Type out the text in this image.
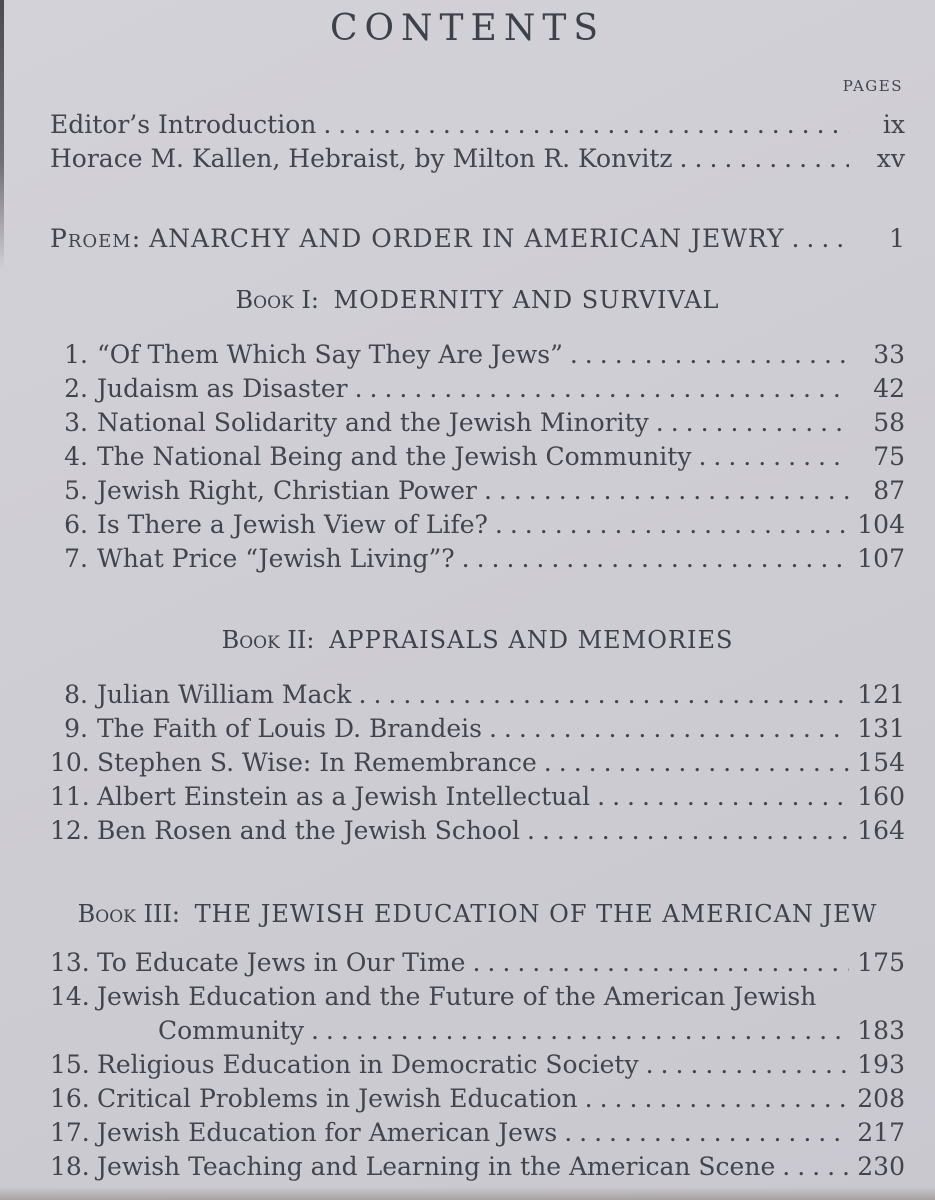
CONTENTS
PAGES
Editor’s Introduction .....	ix
Horace M. Kallen, Hebraist, by Milton R. Konvitz .....	xv
Proem: ANARCHY AND ORDER IN AMERICAN JEWRY .....	1
Book I: MODERNITY AND SURVIVAL
1. “Of Them Which Say They Are Jews” .....	33
2. Judaism as Disaster .....	42
3. National Solidarity and the Jewish Minority .....	58
4. The National Being and the Jewish Community .....	75
5. Jewish Right, Christian Power .....	87
6. Is There a Jewish View of Life? .....	104
7. What Price “Jewish Living”? .....	107
Book II: APPRAISALS AND MEMORIES
8. Julian William Mack .....	121
9. The Faith of Louis D. Brandeis .....	131
10. Stephen S. Wise: In Remembrance .....	154
11. Albert Einstein as a Jewish Intellectual .....	160
12. Ben Rosen and the Jewish School .....	164
Book III: THE JEWISH EDUCATION OF THE AMERICAN JEW
13. To Educate Jews in Our Time .....	175
14. Jewish Education and the Future of the American Jewish
Community .....	183
15. Religious Education in Democratic Society .....	193
16. Critical Problems in Jewish Education .....	208
17. Jewish Education for American Jews .....	217
18. Jewish Teaching and Learning in the American Scene .....	230
